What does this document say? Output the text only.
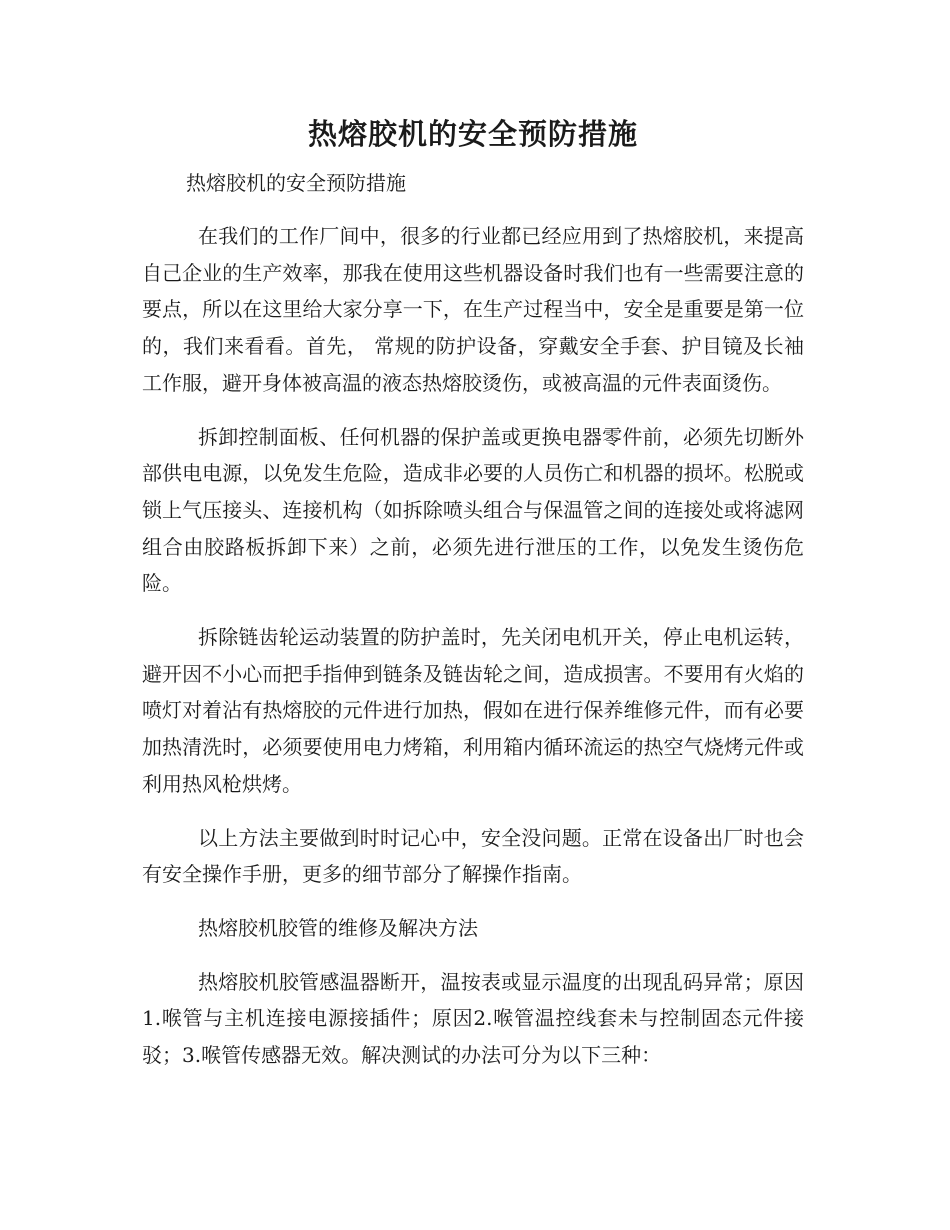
热熔胶机的安全预防措施

热熔胶机的安全预防措施

在我们的工作厂间中，很多的行业都已经应用到了热熔胶机，来提高自己企业的生产效率，那我在使用这些机器设备时我们也有一些需要注意的要点，所以在这里给大家分享一下，在生产过程当中，安全是重要是第一位的，我们来看看。首先， 常规的防护设备，穿戴安全手套、护目镜及长袖工作服，避开身体被高温的液态热熔胶烫伤，或被高温的元件表面烫伤。

拆卸控制面板、任何机器的保护盖或更换电器零件前，必须先切断外部供电电源，以免发生危险，造成非必要的人员伤亡和机器的损坏。松脱或锁上气压接头、连接机构（如拆除喷头组合与保温管之间的连接处或将滤网组合由胶路板拆卸下来）之前，必须先进行泄压的工作，以免发生烫伤危险。

拆除链齿轮运动装置的防护盖时，先关闭电机开关，停止电机运转，避开因不小心而把手指伸到链条及链齿轮之间，造成损害。不要用有火焰的喷灯对着沾有热熔胶的元件进行加热，假如在进行保养维修元件，而有必要加热清洗时，必须要使用电力烤箱，利用箱内循环流运的热空气烧烤元件或利用热风枪烘烤。

以上方法主要做到时时记心中，安全没问题。正常在设备出厂时也会有安全操作手册，更多的细节部分了解操作指南。

热熔胶机胶管的维修及解决方法

热熔胶机胶管感温器断开，温按表或显示温度的出现乱码异常；原因1.喉管与主机连接电源接插件；原因2.喉管温控线套未与控制固态元件接驳；3.喉管传感器无效。解决测试的办法可分为以下三种：
